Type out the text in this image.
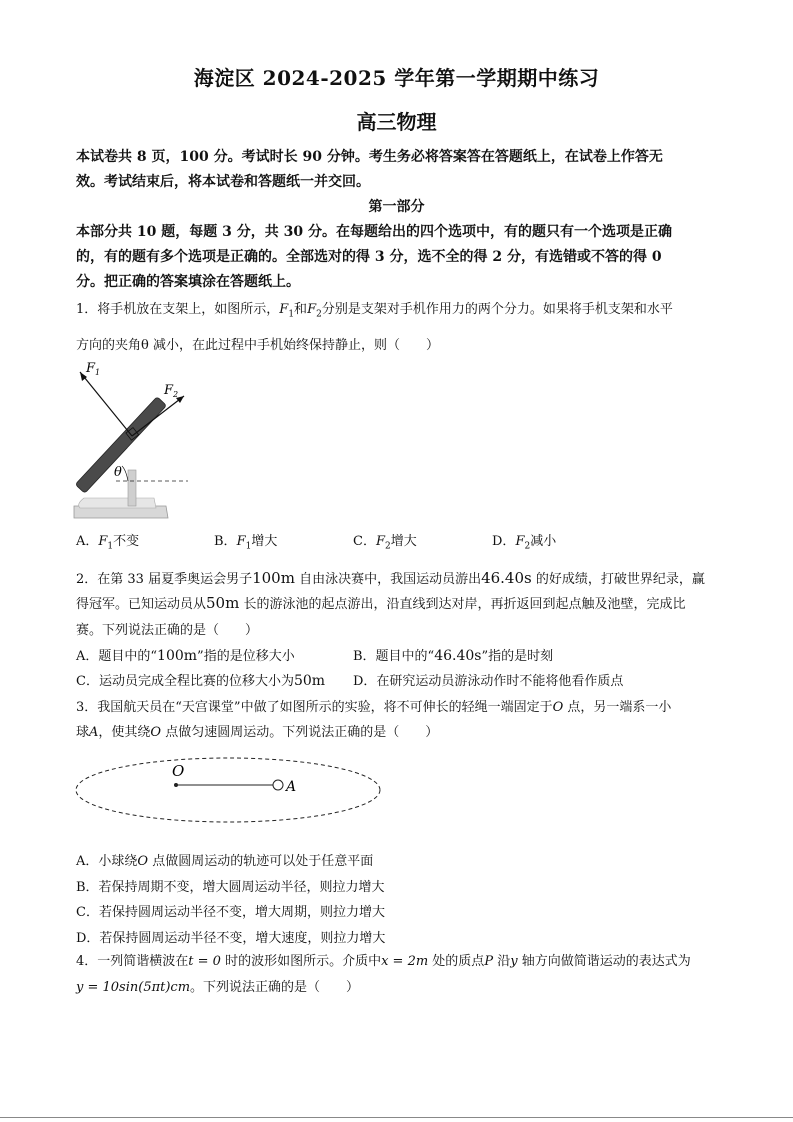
海淀区 2024-2025 学年第一学期期中练习
高三物理
本试卷共 8 页，100 分。考试时长 90 分钟。考生务必将答案答在答题纸上，在试卷上作答无
效。考试结束后，将本试卷和答题纸一并交回。
第一部分
本部分共 10 题，每题 3 分，共 30 分。在每题给出的四个选项中，有的题只有一个选项是正确
的，有的题有多个选项是正确的。全部选对的得 3 分，选不全的得 2 分，有选错或不答的得 0
分。把正确的答案填涂在答题纸上。
1．将手机放在支架上，如图所示，$F_1$和$F_2$分别是支架对手机作用力的两个分力。如果将手机支架和水平
方向的夹角θ 减小，在此过程中手机始终保持静止，则（　　）
$F_1$
$F_2$
θ
A．$F_1$不变	B．$F_1$增大	C．$F_2$增大	D．$F_2$减小
2．在第 33 届夏季奥运会男子100m 自由泳决赛中，我国运动员游出46.40s 的好成绩，打破世界纪录，赢
得冠军。已知运动员从50m 长的游泳池的起点游出，沿直线到达对岸，再折返回到起点触及池壁，完成比
赛。下列说法正确的是（　　）
A．题目中的“100m”指的是位移大小	B．题目中的“46.40s”指的是时刻
C．运动员完成全程比赛的位移大小为50m D．在研究运动员游泳动作时不能将他看作质点
3．我国航天员在“天宫课堂”中做了如图所示的实验，将不可伸长的轻绳一端固定于O 点，另一端系一小
球A，使其绕O 点做匀速圆周运动。下列说法正确的是（　　）
O
A
A．小球绕O 点做圆周运动的轨迹可以处于任意平面
B．若保持周期不变，增大圆周运动半径，则拉力增大
C．若保持圆周运动半径不变，增大周期，则拉力增大
D．若保持圆周运动半径不变，增大速度，则拉力增大
4．一列简谐横波在t = 0 时的波形如图所示。介质中x = 2m 处的质点P 沿y 轴方向做简谐运动的表达式为
y = 10sin(5πt)cm。下列说法正确的是（　　）
